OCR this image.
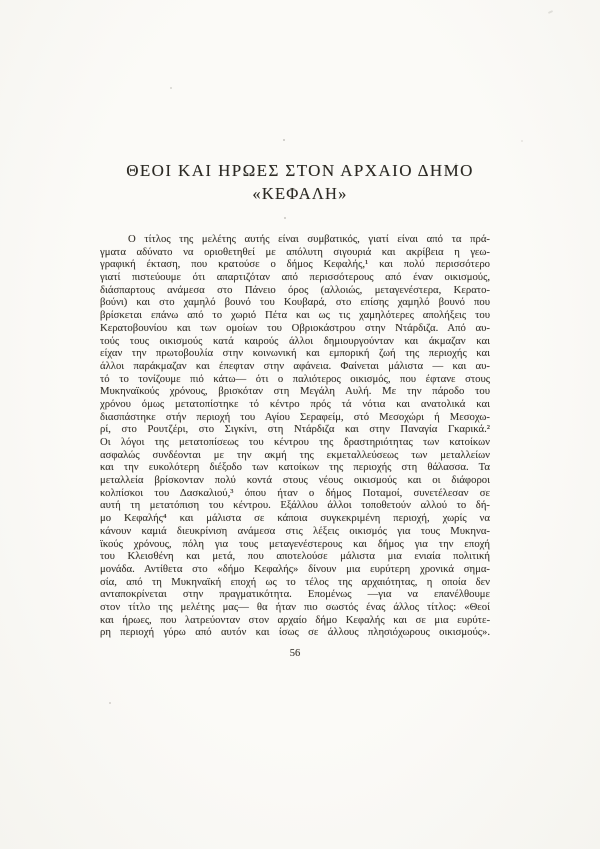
ΘΕΟΙ ΚΑΙ ΗΡΩΕΣ ΣΤΟΝ ΑΡΧΑΙΟ ΔΗΜΟ
«ΚΕΦΑΛΗ»
Ο τίτλος της μελέτης αυτής είναι συμβατικός, γιατί είναι από τα πρά-
γματα αδύνατο να οριοθετηθεί με απόλυτη σιγουριά και ακρίβεια η γεω-
γραφική έκταση, που κρατούσε ο δήμος Κεφαλής,¹ και πολύ περισσότερο
γιατί πιστεύουμε ότι απαρτιζόταν από περισσότερους από έναν οικισμούς,
διάσπαρτους ανάμεσα στο Πάνειο όρος (αλλοιώς, μεταγενέστερα, Κερατο-
βούνι) και στο χαμηλό βουνό του Κουβαρά, στο επίσης χαμηλό βουνό που
βρίσκεται επάνω από το χωριό Πέτα και ως τις χαμηλότερες απολήξεις του
Κερατοβουνίου και των ομοίων του Οβριοκάστρου στην Ντάρδιζα. Από αυ-
τούς τους οικισμούς κατά καιρούς άλλοι δημιουργούνταν και άκμαζαν και
είχαν την πρωτοβουλία στην κοινωνική και εμπορική ζωή της περιοχής και
άλλοι παράκμαζαν και έπεφταν στην αφάνεια. Φαίνεται μάλιστα — και αυ-
τό το τονίζουμε πιό κάτω— ότι ο παλιότερος οικισμός, που έφτανε στους
Μυκηναϊκούς χρόνους, βρισκόταν στη Μεγάλη Αυλή. Με την πάροδο του
χρόνου όμως μετατοπίστηκε τό κέντρο πρός τά νότια και ανατολικά και
διασπάστηκε στήν περιοχή του Αγίου Σεραφείμ, στό Μεσοχώρι ή Μεσοχω-
ρί, στο Ρουτζέρι, στο Σιγκίνι, στη Ντάρδιζα και στην Παναγία Γκαρικά.²
Οι λόγοι της μετατοπίσεως του κέντρου της δραστηριότητας των κατοίκων
ασφαλώς συνδέονται με την ακμή της εκμεταλλεύσεως των μεταλλείων
και την ευκολότερη διέξοδο των κατοίκων της περιοχής στη θάλασσα. Τα
μεταλλεία βρίσκονταν πολύ κοντά στους νέους οικισμούς και οι διάφοροι
κολπίσκοι του Δασκαλιού,³ όπου ήταν ο δήμος Ποταμοί, συνετέλεσαν σε
αυτή τη μετατόπιση του κέντρου. Εξάλλου άλλοι τοποθετούν αλλού το δή-
μο Κεφαλής⁴ και μάλιστα σε κάποια συγκεκριμένη περιοχή, χωρίς να
κάνουν καμιά διευκρίνιση ανάμεσα στις λέξεις οικισμός για τους Μυκηνα-
ϊκούς χρόνους, πόλη για τους μεταγενέστερους και δήμος για την εποχή
του Κλεισθένη και μετά, που αποτελούσε μάλιστα μια ενιαία πολιτική
μονάδα. Αντίθετα στο «δήμο Κεφαλής» δίνουν μια ευρύτερη χρονικά σημα-
σία, από τη Μυκηναϊκή εποχή ως το τέλος της αρχαιότητας, η οποία δεν
ανταποκρίνεται στην πραγματικότητα. Επομένως —για να επανέλθουμε
στον τίτλο της μελέτης μας— θα ήταν πιο σωστός ένας άλλος τίτλος: «Θεοί
και ήρωες, που λατρεύονταν στον αρχαίο δήμο Κεφαλής και σε μια ευρύτε-
ρη περιοχή γύρω από αυτόν και ίσως σε άλλους πλησιόχωρους οικισμούς».
56
